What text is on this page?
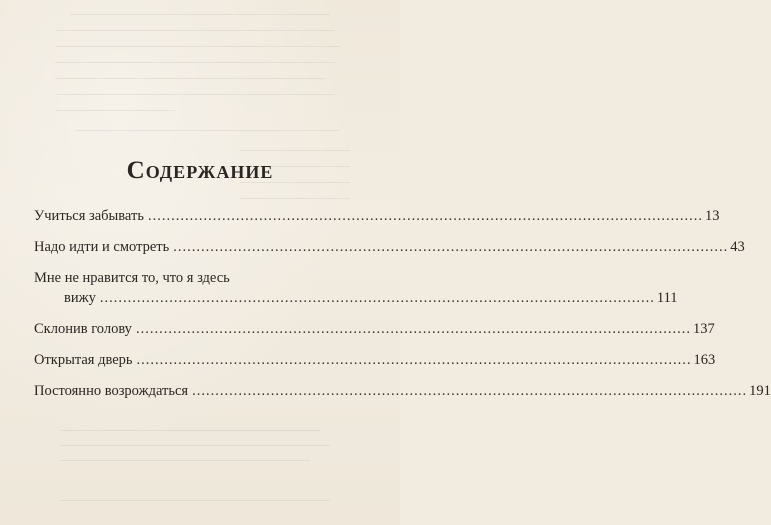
Содержание
Учиться забывать ........................................................................................................................ 13
Надо идти и смотреть ........................................................................................................................ 43
Мне не нравится то, что я здесь
вижу ........................................................................................................................ 111
Склонив голову ........................................................................................................................ 137
Открытая дверь ........................................................................................................................ 163
Постоянно возрождаться ........................................................................................................................ 191
